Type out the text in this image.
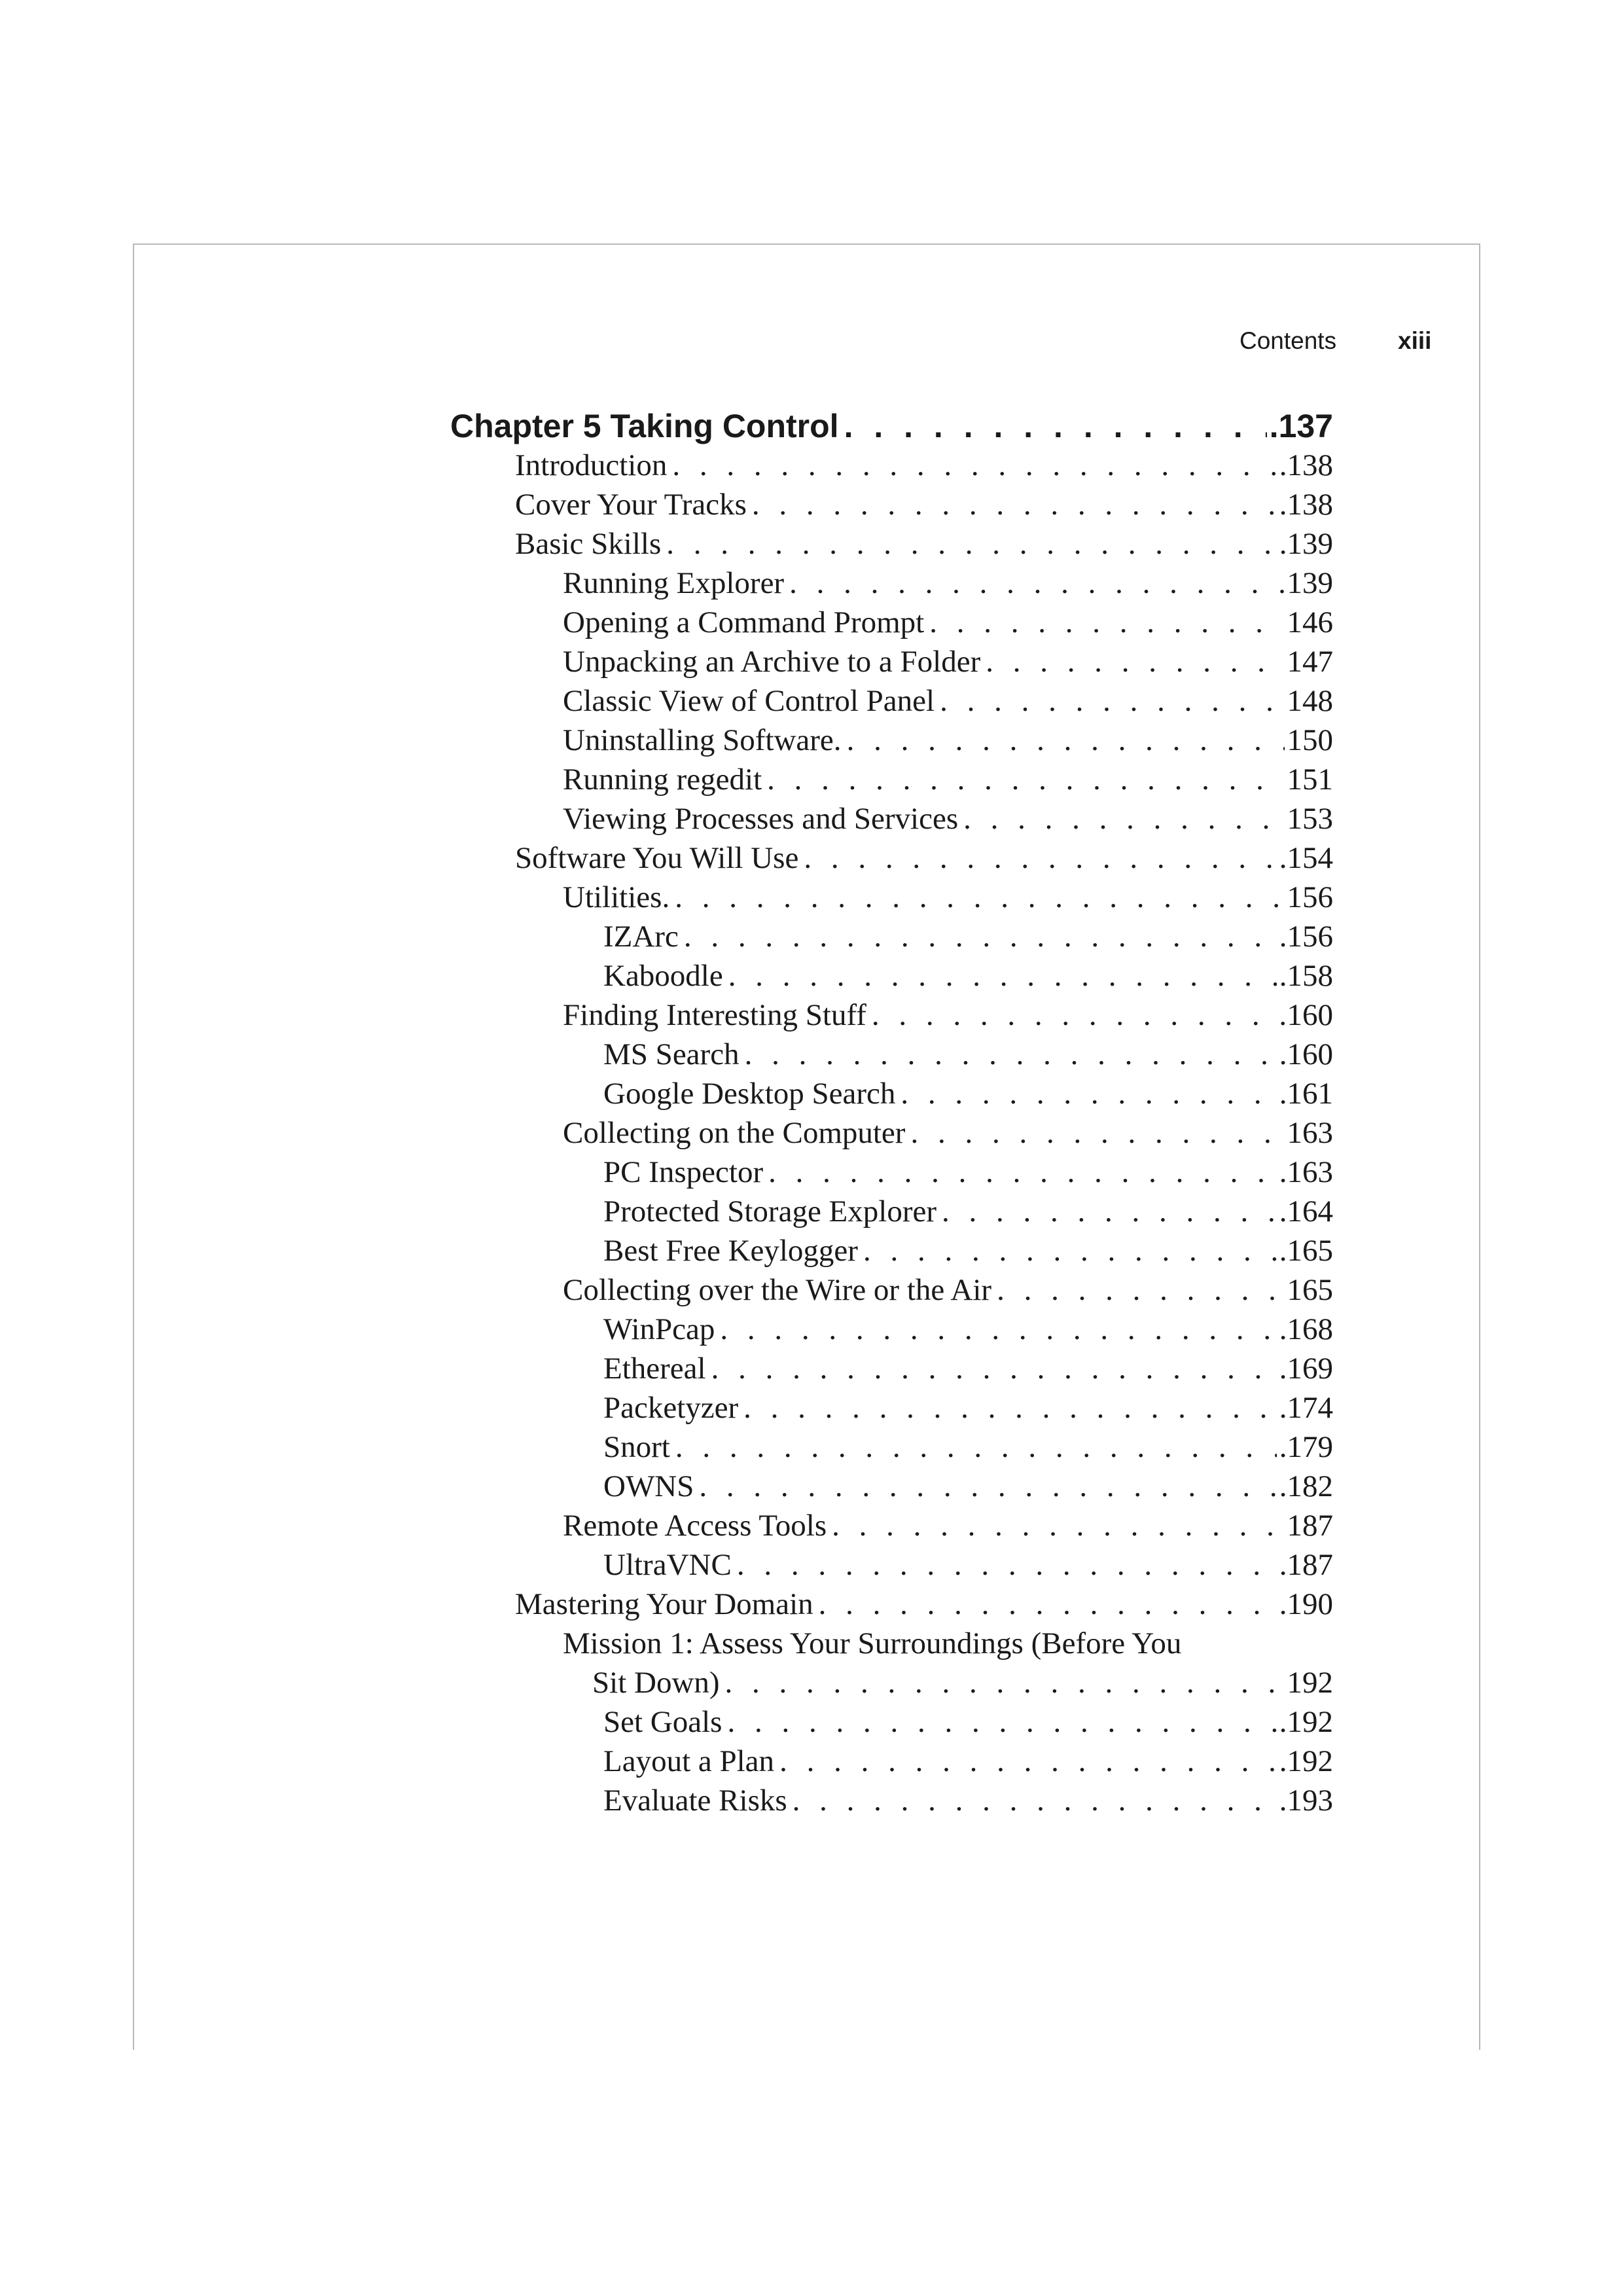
Contents	xiii
Chapter 5 Taking Control . . .	.137
Introduction . . .	.138
Cover Your Tracks . . .	.138
Basic Skills . . .	.139
Running Explorer . . .	139
Opening a Command Prompt . . .	146
Unpacking an Archive to a Folder . . .	147
Classic View of Control Panel . . .	148
Uninstalling Software. . . .	150
Running regedit . . .	151
Viewing Processes and Services . . .	153
Software You Will Use . . .	.154
Utilities. . . .	156
IZArc . . .	.156
Kaboodle . . .	.158
Finding Interesting Stuff . . .	160
MS Search . . .	.160
Google Desktop Search . . .	.161
Collecting on the Computer . . .	163
PC Inspector . . .	.163
Protected Storage Explorer . . .	.164
Best Free Keylogger . . .	.165
Collecting over the Wire or the Air . . .	165
WinPcap . . .	.168
Ethereal . . .	.169
Packetyzer . . .	.174
Snort . . .	.179
OWNS . . .	.182
Remote Access Tools . . .	187
UltraVNC . . .	.187
Mastering Your Domain . . .	.190
Mission 1: Assess Your Surroundings (Before You
Sit Down) . . .	192
Set Goals . . .	.192
Layout a Plan . . .	.192
Evaluate Risks . . .	.193
